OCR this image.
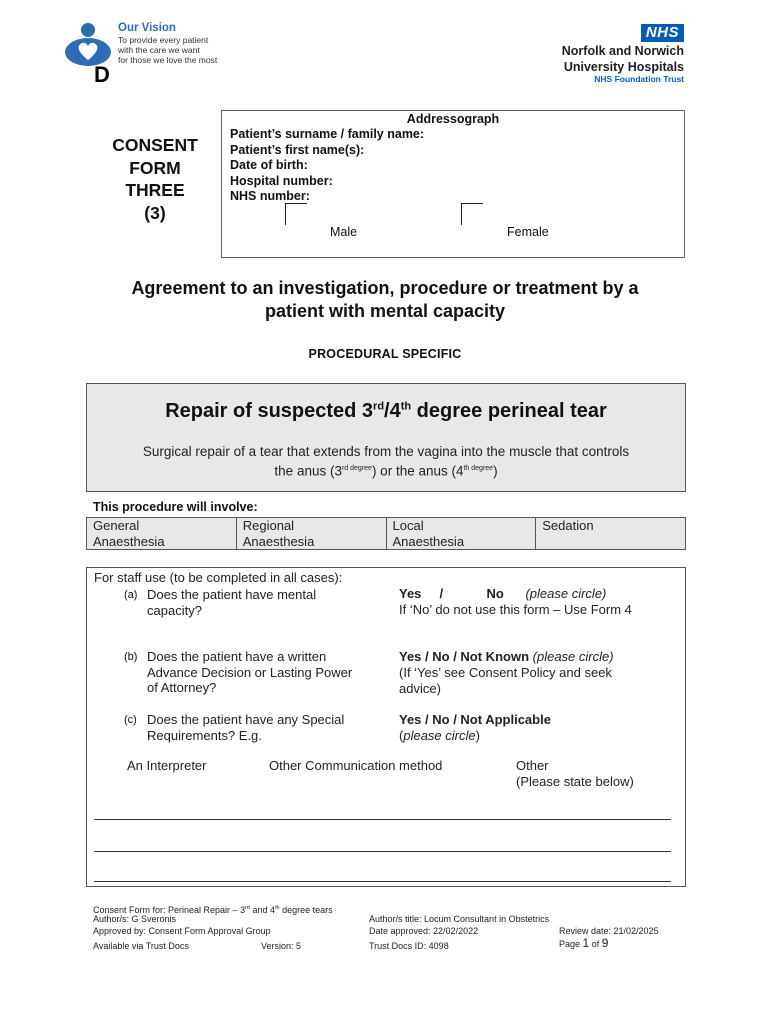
Our Vision
To provide every patient
with the care we want
for those we love the most
D
NHS
Norfolk and Norwich
University Hospitals
NHS Foundation Trust
CONSENT
FORM
THREE
(3)
Addressograph
Patient’s surname / family name:
Patient’s first name(s):
Date of birth:
Hospital number:
NHS number:
Male	Female
Agreement to an investigation, procedure or treatment by a
patient with mental capacity
PROCEDURAL SPECIFIC
Repair of suspected 3rd/4th degree perineal tear
Surgical repair of a tear that extends from the vagina into the muscle that controls
the anus $(3^{rd degree})$ or the anus $(4^{th degree})$
This procedure will involve:
General
Anaesthesia
Regional
Anaesthesia
Local
Anaesthesia
Sedation
For staff use (to be completed in all cases):
(a) Does the patient have mental
capacity?
Yes /	No (please circle)
If ‘No’ do not use this form – Use Form 4
(b) Does the patient have a written
Advance Decision or Lasting Power
of Attorney?
Yes / No / Not Known (please circle)
(If ‘Yes’ see Consent Policy and seek
advice)
(c) Does the patient have any Special
Requirements? E.g.
Yes / No / Not Applicable
(please circle)
An Interpreter	Other Communication method	Other
(Please state below)
Consent Form for: Perineal Repair – 3rd and 4th degree tears
Author/s: G Sveronis	Author/s title: Locum Consultant in Obstetrics
Approved by: Consent Form Approval Group	Date approved: 22/02/2022	Review date: 21/02/2025
Available via Trust Docs	Version: 5	Trust Docs ID: 4098	Page 1 of 9
